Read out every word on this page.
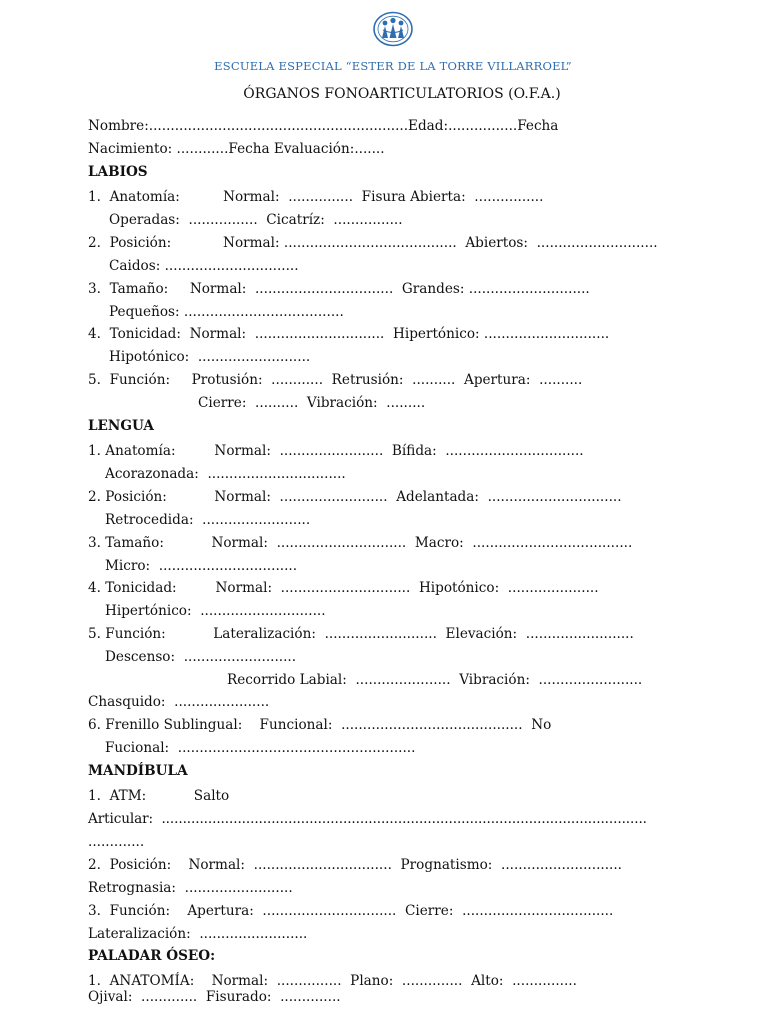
ESCUELA ESPECIAL “ESTER DE LA TORRE VILLARROEL”
ÓRGANOS FONOARTICULATORIOS (O.F.A.)
Nombre:............................................................Edad:................Fecha
Nacimiento: ............Fecha Evaluación:.......
LABIOS
1.  Anatomía:          Normal:  ...............  Fisura Abierta:  ................
Operadas:  ................  Cicatríz:  ................
2.  Posición:            Normal: ........................................  Abiertos:  ............................
Caidos: ...............................
3.  Tamaño:     Normal:  ................................  Grandes: ............................
Pequeños: .....................................
4.  Tonicidad:  Normal:  ..............................  Hipertónico: .............................
Hipotónico:  ..........................
5.  Función:     Protusión:  ............  Retrusión:  ..........  Apertura:  ..........
Cierre:  ..........  Vibración:  .........
LENGUA
1. Anatomía:         Normal:  ........................  Bífida:  ................................
Acorazonada:  ................................
2. Posición:           Normal:  .........................  Adelantada:  ...............................
Retrocedida:  .........................
3. Tamaño:           Normal:  ..............................  Macro:  .....................................
Micro:  ................................
4. Tonicidad:         Normal:  ..............................  Hipotónico:  .....................
Hipertónico:  .............................
5. Función:           Lateralización:  ..........................  Elevación:  .........................
Descenso:  ..........................
Recorrido Labial:  ......................  Vibración:  ........................
Chasquido:  ......................
6. Frenillo Sublingual:    Funcional:  ..........................................  No
Fucional:  .......................................................
MANDÍBULA
1.  ATM:           Salto
Articular:  ...................................................................................................................
.............
2.  Posición:    Normal:  ................................  Prognatismo:  ............................
Retrognasia:  .........................
3.  Función:    Apertura:  ...............................  Cierre:  ...................................
Lateralización:  .........................
PALADAR ÓSEO:
1.  ANATOMÍA:    Normal:  ...............  Plano:  ..............  Alto:  ...............
Ojival:  .............  Fisurado:  ..............
